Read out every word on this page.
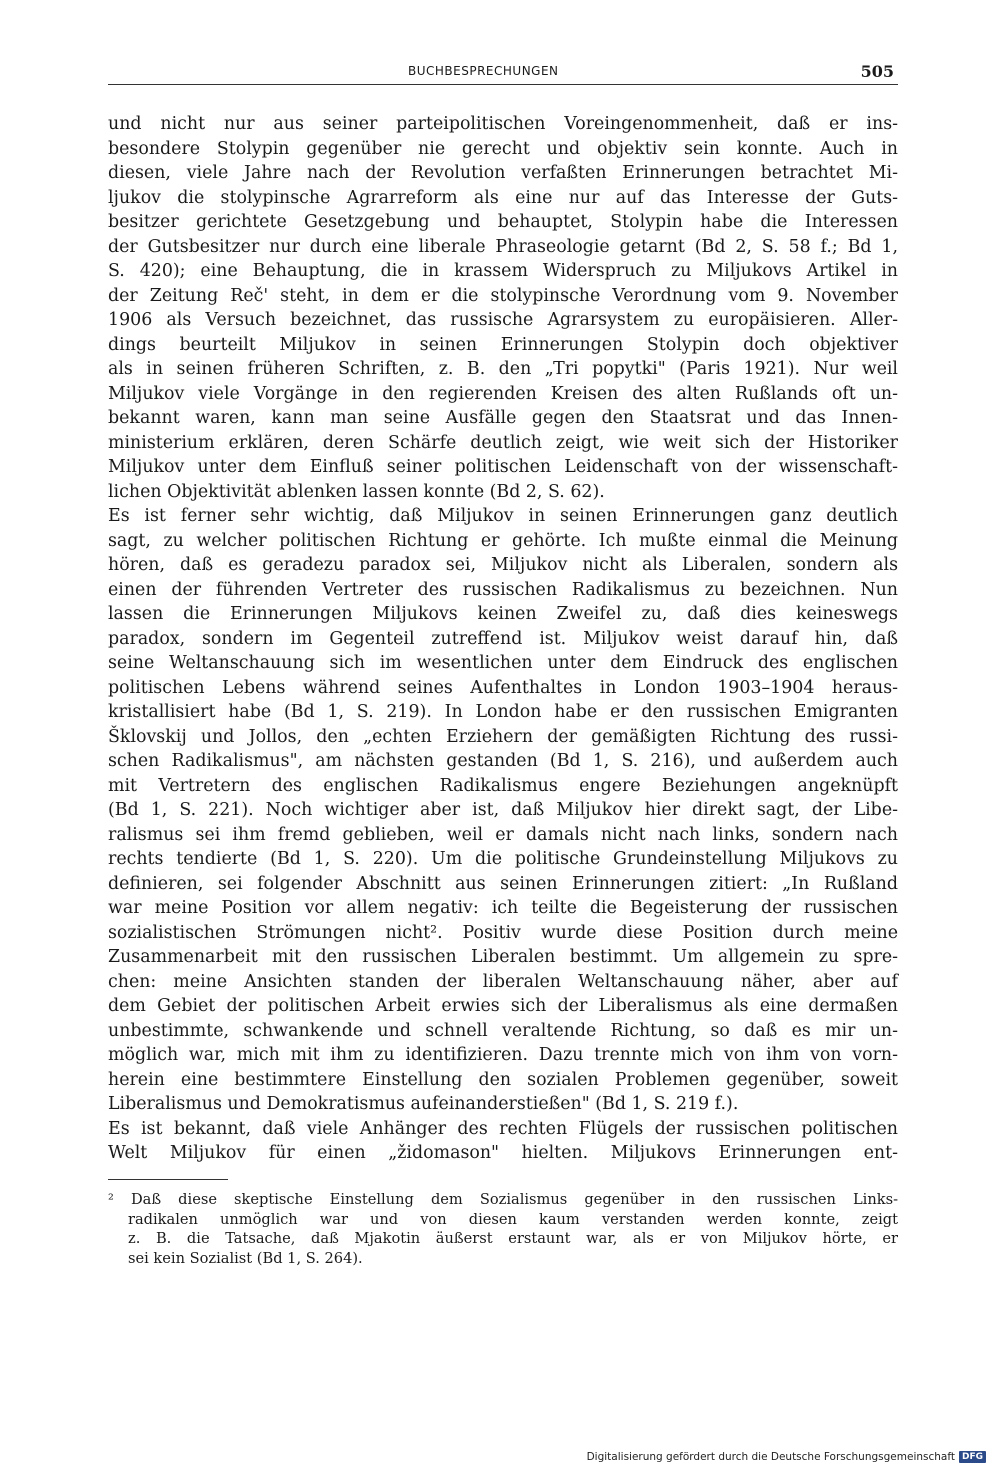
BUCHBESPRECHUNGEN	505
und nicht nur aus seiner parteipolitischen Voreingenommenheit, daß er ins-
besondere Stolypin gegenüber nie gerecht und objektiv sein konnte. Auch in
diesen, viele Jahre nach der Revolution verfaßten Erinnerungen betrachtet Mi-
ljukov die stolypinsche Agrarreform als eine nur auf das Interesse der Guts-
besitzer gerichtete Gesetzgebung und behauptet, Stolypin habe die Interessen
der Gutsbesitzer nur durch eine liberale Phraseologie getarnt (Bd 2, S. 58 f.; Bd 1,
S. 420); eine Behauptung, die in krassem Widerspruch zu Miljukovs Artikel in
der Zeitung Reč' steht, in dem er die stolypinsche Verordnung vom 9. November
1906 als Versuch bezeichnet, das russische Agrarsystem zu europäisieren. Aller-
dings beurteilt Miljukov in seinen Erinnerungen Stolypin doch objektiver
als in seinen früheren Schriften, z. B. den „Tri popytki" (Paris 1921). Nur weil
Miljukov viele Vorgänge in den regierenden Kreisen des alten Rußlands oft un-
bekannt waren, kann man seine Ausfälle gegen den Staatsrat und das Innen-
ministerium erklären, deren Schärfe deutlich zeigt, wie weit sich der Historiker
Miljukov unter dem Einfluß seiner politischen Leidenschaft von der wissenschaft-
lichen Objektivität ablenken lassen konnte (Bd 2, S. 62).
Es ist ferner sehr wichtig, daß Miljukov in seinen Erinnerungen ganz deutlich
sagt, zu welcher politischen Richtung er gehörte. Ich mußte einmal die Meinung
hören, daß es geradezu paradox sei, Miljukov nicht als Liberalen, sondern als
einen der führenden Vertreter des russischen Radikalismus zu bezeichnen. Nun
lassen die Erinnerungen Miljukovs keinen Zweifel zu, daß dies keineswegs
paradox, sondern im Gegenteil zutreffend ist. Miljukov weist darauf hin, daß
seine Weltanschauung sich im wesentlichen unter dem Eindruck des englischen
politischen Lebens während seines Aufenthaltes in London 1903–1904 heraus-
kristallisiert habe (Bd 1, S. 219). In London habe er den russischen Emigranten
Šklovskij und Jollos, den „echten Erziehern der gemäßigten Richtung des russi-
schen Radikalismus", am nächsten gestanden (Bd 1, S. 216), und außerdem auch
mit Vertretern des englischen Radikalismus engere Beziehungen angeknüpft
(Bd 1, S. 221). Noch wichtiger aber ist, daß Miljukov hier direkt sagt, der Libe-
ralismus sei ihm fremd geblieben, weil er damals nicht nach links, sondern nach
rechts tendierte (Bd 1, S. 220). Um die politische Grundeinstellung Miljukovs zu
definieren, sei folgender Abschnitt aus seinen Erinnerungen zitiert: „In Rußland
war meine Position vor allem negativ: ich teilte die Begeisterung der russischen
sozialistischen Strömungen nicht². Positiv wurde diese Position durch meine
Zusammenarbeit mit den russischen Liberalen bestimmt. Um allgemein zu spre-
chen: meine Ansichten standen der liberalen Weltanschauung näher, aber auf
dem Gebiet der politischen Arbeit erwies sich der Liberalismus als eine dermaßen
unbestimmte, schwankende und schnell veraltende Richtung, so daß es mir un-
möglich war, mich mit ihm zu identifizieren. Dazu trennte mich von ihm von vorn-
herein eine bestimmtere Einstellung den sozialen Problemen gegenüber, soweit
Liberalismus und Demokratismus aufeinanderstießen" (Bd 1, S. 219 f.).
Es ist bekannt, daß viele Anhänger des rechten Flügels der russischen politischen
Welt Miljukov für einen „židomason" hielten. Miljukovs Erinnerungen ent-
² Daß diese skeptische Einstellung dem Sozialismus gegenüber in den russischen Links-
radikalen unmöglich war und von diesen kaum verstanden werden konnte, zeigt
z. B. die Tatsache, daß Mjakotin äußerst erstaunt war, als er von Miljukov hörte, er
sei kein Sozialist (Bd 1, S. 264).
Digitalisierung gefördert durch die Deutsche Forschungsgemeinschaft DFG
